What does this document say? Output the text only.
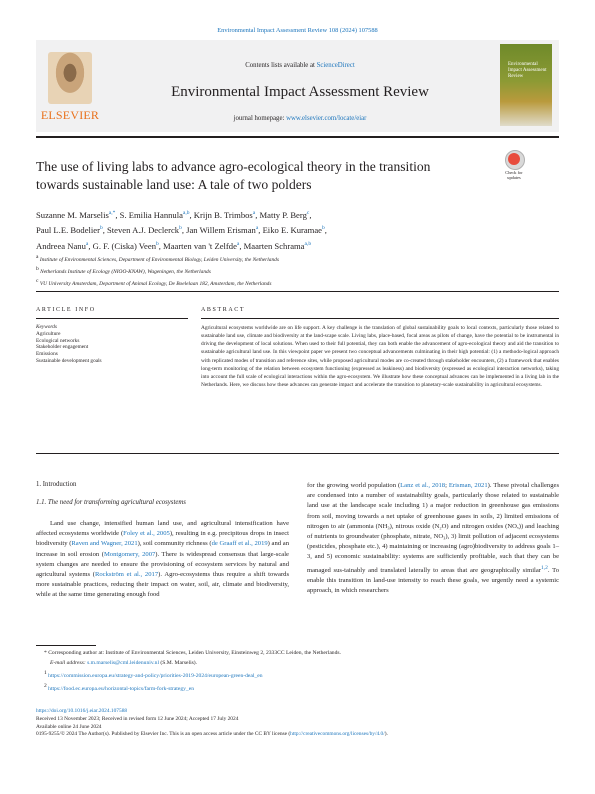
Environmental Impact Assessment Review 108 (2024) 107588
ELSEVIER
Contents lists available at ScienceDirect
Environmental Impact Assessment Review
journal homepage: www.elsevier.com/locate/eiar
Environmental Impact Assessment Review
The use of living labs to advance agro-ecological theory in the transition
towards sustainable land use: A tale of two polders
Check for
updates
Suzanne M. Marselis$^{a,*}$, S. Emilia Hannula$^{a,b}$, Krijn B. Trimbos$^a$, Matty P. Berg$^c$,
Paul L.E. Bodelier$^b$, Steven A.J. Declerck$^b$, Jan Willem Erisman$^a$, Eiko E. Kuramae$^b$,
Andreea Nanu$^a$, G. F. (Ciska) Veen$^b$, Maarten van 't Zelfde$^a$, Maarten Schrama$^{a,b}$
$^a$ Institute of Environmental Sciences, Department of Environmental Biology, Leiden University, the Netherlands
$^b$ Netherlands Institute of Ecology (NIOO-KNAW), Wageningen, the Netherlands
$^c$ VU University Amsterdam, Department of Animal Ecology, De Boelelaan 182, Amsterdam, the Netherlands
ARTICLE INFO	ABSTRACT
Keywords
Agriculture
Ecological networks
Stakeholder engagement
Emissions
Sustainable development goals
Agricultural ecosystems worldwide are on life support. A key challenge is the translation of global sustainability goals to local contexts, particularly those related to sustainable land use, climate and biodiversity at the land-scape scale. Living labs, place-based, focal areas as pilots of change, have the potential to be instrumental in driving the development of local solutions. When used to their full potential, they can both enable the advancement of agro-ecological theory and aid the transition to sustainable agricultural land use. In this viewpoint paper we present two conceptual advancements culminating in their high potential: (1) a methodo-logical approach with replicated modes of transition and reference sites, while proposed agricultural modes are co-created through stakeholder encounters, (2) a framework that enables long-term monitoring of the relation between ecosystem functioning (expressed as leakiness) and biodiversity (expressed as ecological interaction networks), taking into account the full scale of ecological interactions within the agro-ecosystem. We illustrate how these conceptual advances can be implemented in a living lab in the Netherlands. Here, we discuss how these advances can generate impact and accelerate the transition to planetary-scale sustainability in agricultural ecosystems.
1. Introduction
1.1. The need for transforming agricultural ecosystems

Land use change, intensified human land use, and agricultural intensification have affected ecosystems worldwide (Foley et al., 2005), resulting in e.g. precipitous drops in insect biodiversity (Raven and Wagner, 2021), soil community richness (de Graaff et al., 2019) and an increase in soil erosion (Montgomery, 2007). There is widespread consensus that large-scale system changes are needed to ensure the provisioning of ecosystem services by natural and agricultural systems (Rockström et al., 2017). Agro-ecosystems thus require a shift towards more sustainable practices, reducing their impact on water, soil, air, climate and biodiversity, while at the same time generating enough food

for the growing world population (Lanz et al., 2018; Erisman, 2021). These pivotal challenges are condensed into a number of sustainability goals, particularly those related to sustainable land use at the landscape scale including 1) a major reduction in greenhouse gas emissions from soil, moving towards a net uptake of greenhouse gases in soils, 2) limited emissions of nitrogen to air (ammonia (NH₃), nitrous oxide (N₂O) and nitrogen oxides (NOₓ)) and leaching of nutrients to groundwater (phosphate, nitrate, NO₃), 3) limit pollution of adjacent ecosystems (pesticides, phosphate etc.), 4) maintaining or increasing (agro)biodiversity to address goals 1–3, and 5) economic sustainability: systems are sufficiently profitable, such that they can be managed sus-tainably and translated laterally to areas that are geographically similar$^{1,2}$. To enable this transition in land-use intensity to reach these goals, we urgently need a systemic approach, in which researchers

* Corresponding author at: Institute of Environmental Sciences, Leiden University, Einsteinweg 2, 2333CC Leiden, the Netherlands.
E-mail address: s.m.marselis@cml.leidenuniv.nl (S.M. Marselis).
$^1$ https://commission.europa.eu/strategy-and-policy/priorities-2019-2024/european-green-deal_en
$^2$ https://food.ec.europa.eu/horizontal-topics/farm-fork-strategy_en
https://doi.org/10.1016/j.eiar.2024.107588
Received 13 November 2023; Received in revised form 12 June 2024; Accepted 17 July 2024
Available online 24 June 2024
0195-9255/© 2024 The Author(s). Published by Elsevier Inc. This is an open access article under the CC BY license (http://creativecommons.org/licenses/by/4.0/).
